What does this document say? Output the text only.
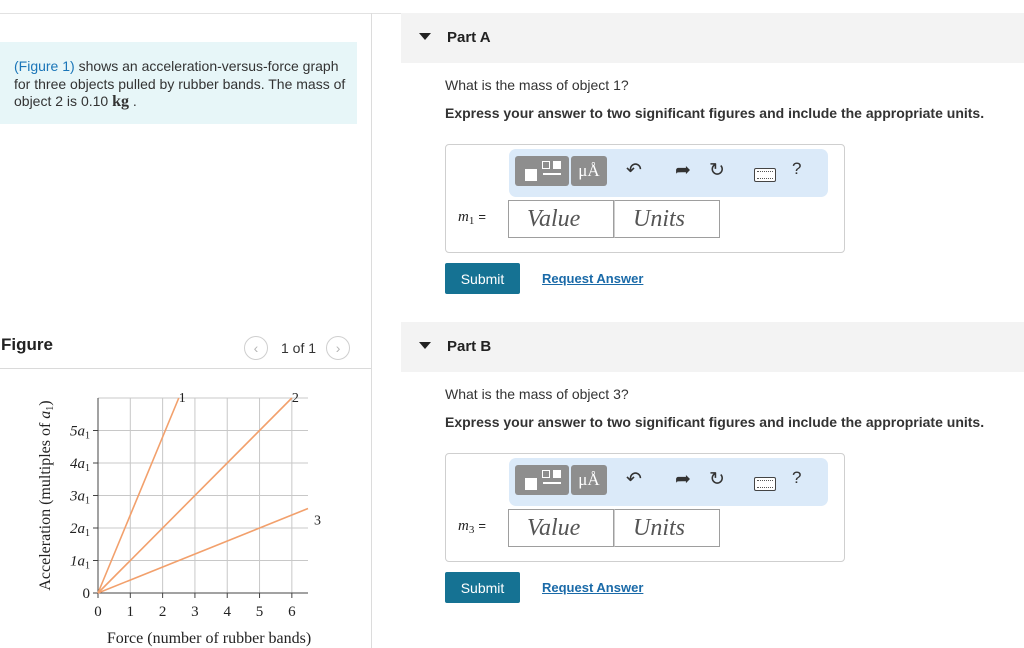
(Figure 1) shows an acceleration-versus-force graph for three objects pulled by rubber bands. The mass of object 2 is 0.10 kg .
Figure	‹	1 of 1	›
0 1 2 3 4 5 6
0
$1a_1$
$2a_1$
$3a_1$
$4a_1$
$5a_1$
1	2
3
Force (number of rubber bands)
Acceleration (multiples of a1)
Part A
What is the mass of object 1?
Express your answer to two significant figures and include the appropriate units.
μÅ	↶ ➦ ↻	?
$m_1$ =
Value
Units
Submit	Request Answer
Part B
What is the mass of object 3?
Express your answer to two significant figures and include the appropriate units.
μÅ	↶ ➦ ↻	?
$m_3$ =
Value
Units
Submit	Request Answer
